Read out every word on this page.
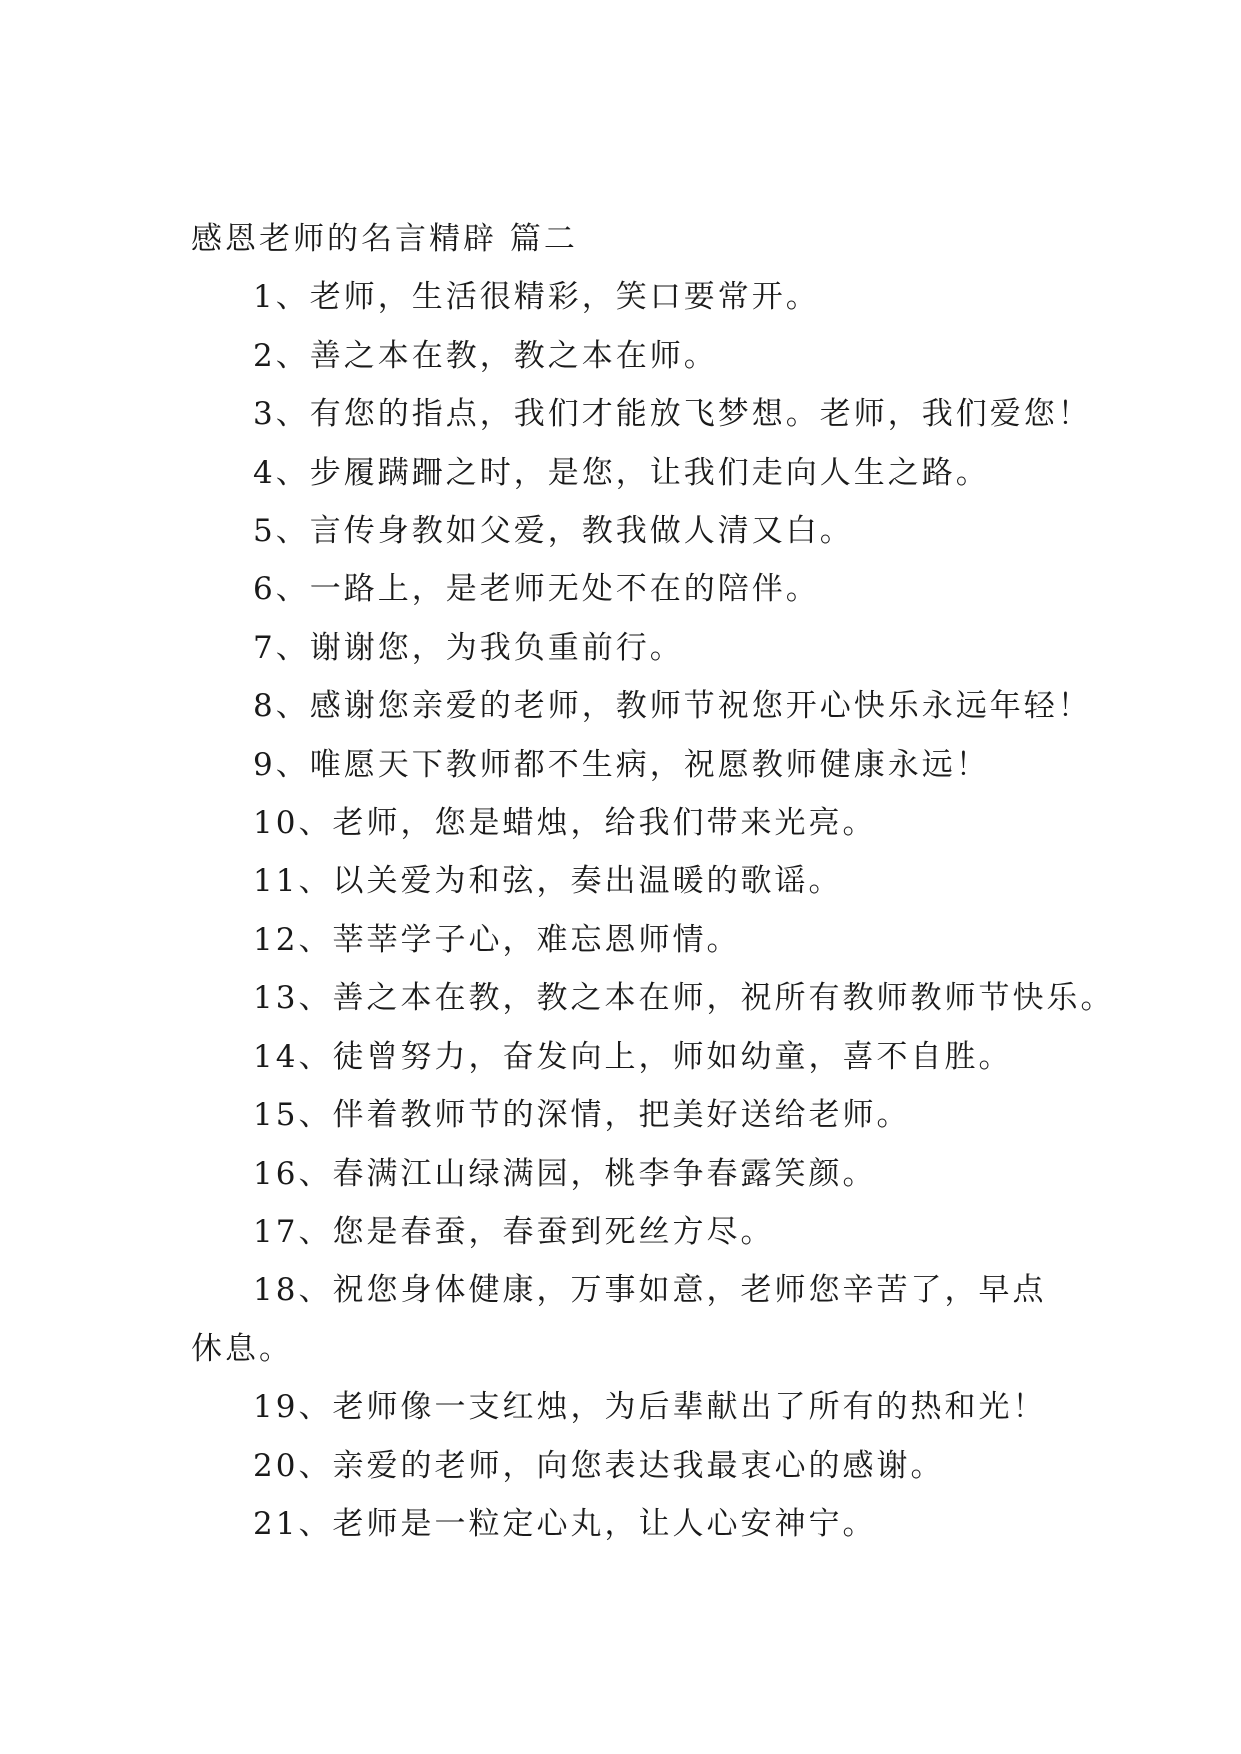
感恩老师的名言精辟 篇二
1、老师，生活很精彩，笑口要常开。
2、善之本在教，教之本在师。
3、有您的指点，我们才能放飞梦想。老师，我们爱您！
4、步履蹒跚之时，是您，让我们走向人生之路。
5、言传身教如父爱，教我做人清又白。
6、一路上，是老师无处不在的陪伴。
7、谢谢您，为我负重前行。
8、感谢您亲爱的老师，教师节祝您开心快乐永远年轻！
9、唯愿天下教师都不生病，祝愿教师健康永远！
10、老师，您是蜡烛，给我们带来光亮。
11、以关爱为和弦，奏出温暖的歌谣。
12、莘莘学子心，难忘恩师情。
13、善之本在教，教之本在师，祝所有教师教师节快乐。
14、徒曾努力，奋发向上，师如幼童，喜不自胜。
15、伴着教师节的深情，把美好送给老师。
16、春满江山绿满园，桃李争春露笑颜。
17、您是春蚕，春蚕到死丝方尽。
18、祝您身体健康，万事如意，老师您辛苦了，早点休息。
19、老师像一支红烛，为后辈献出了所有的热和光！
20、亲爱的老师，向您表达我最衷心的感谢。
21、老师是一粒定心丸，让人心安神宁。
